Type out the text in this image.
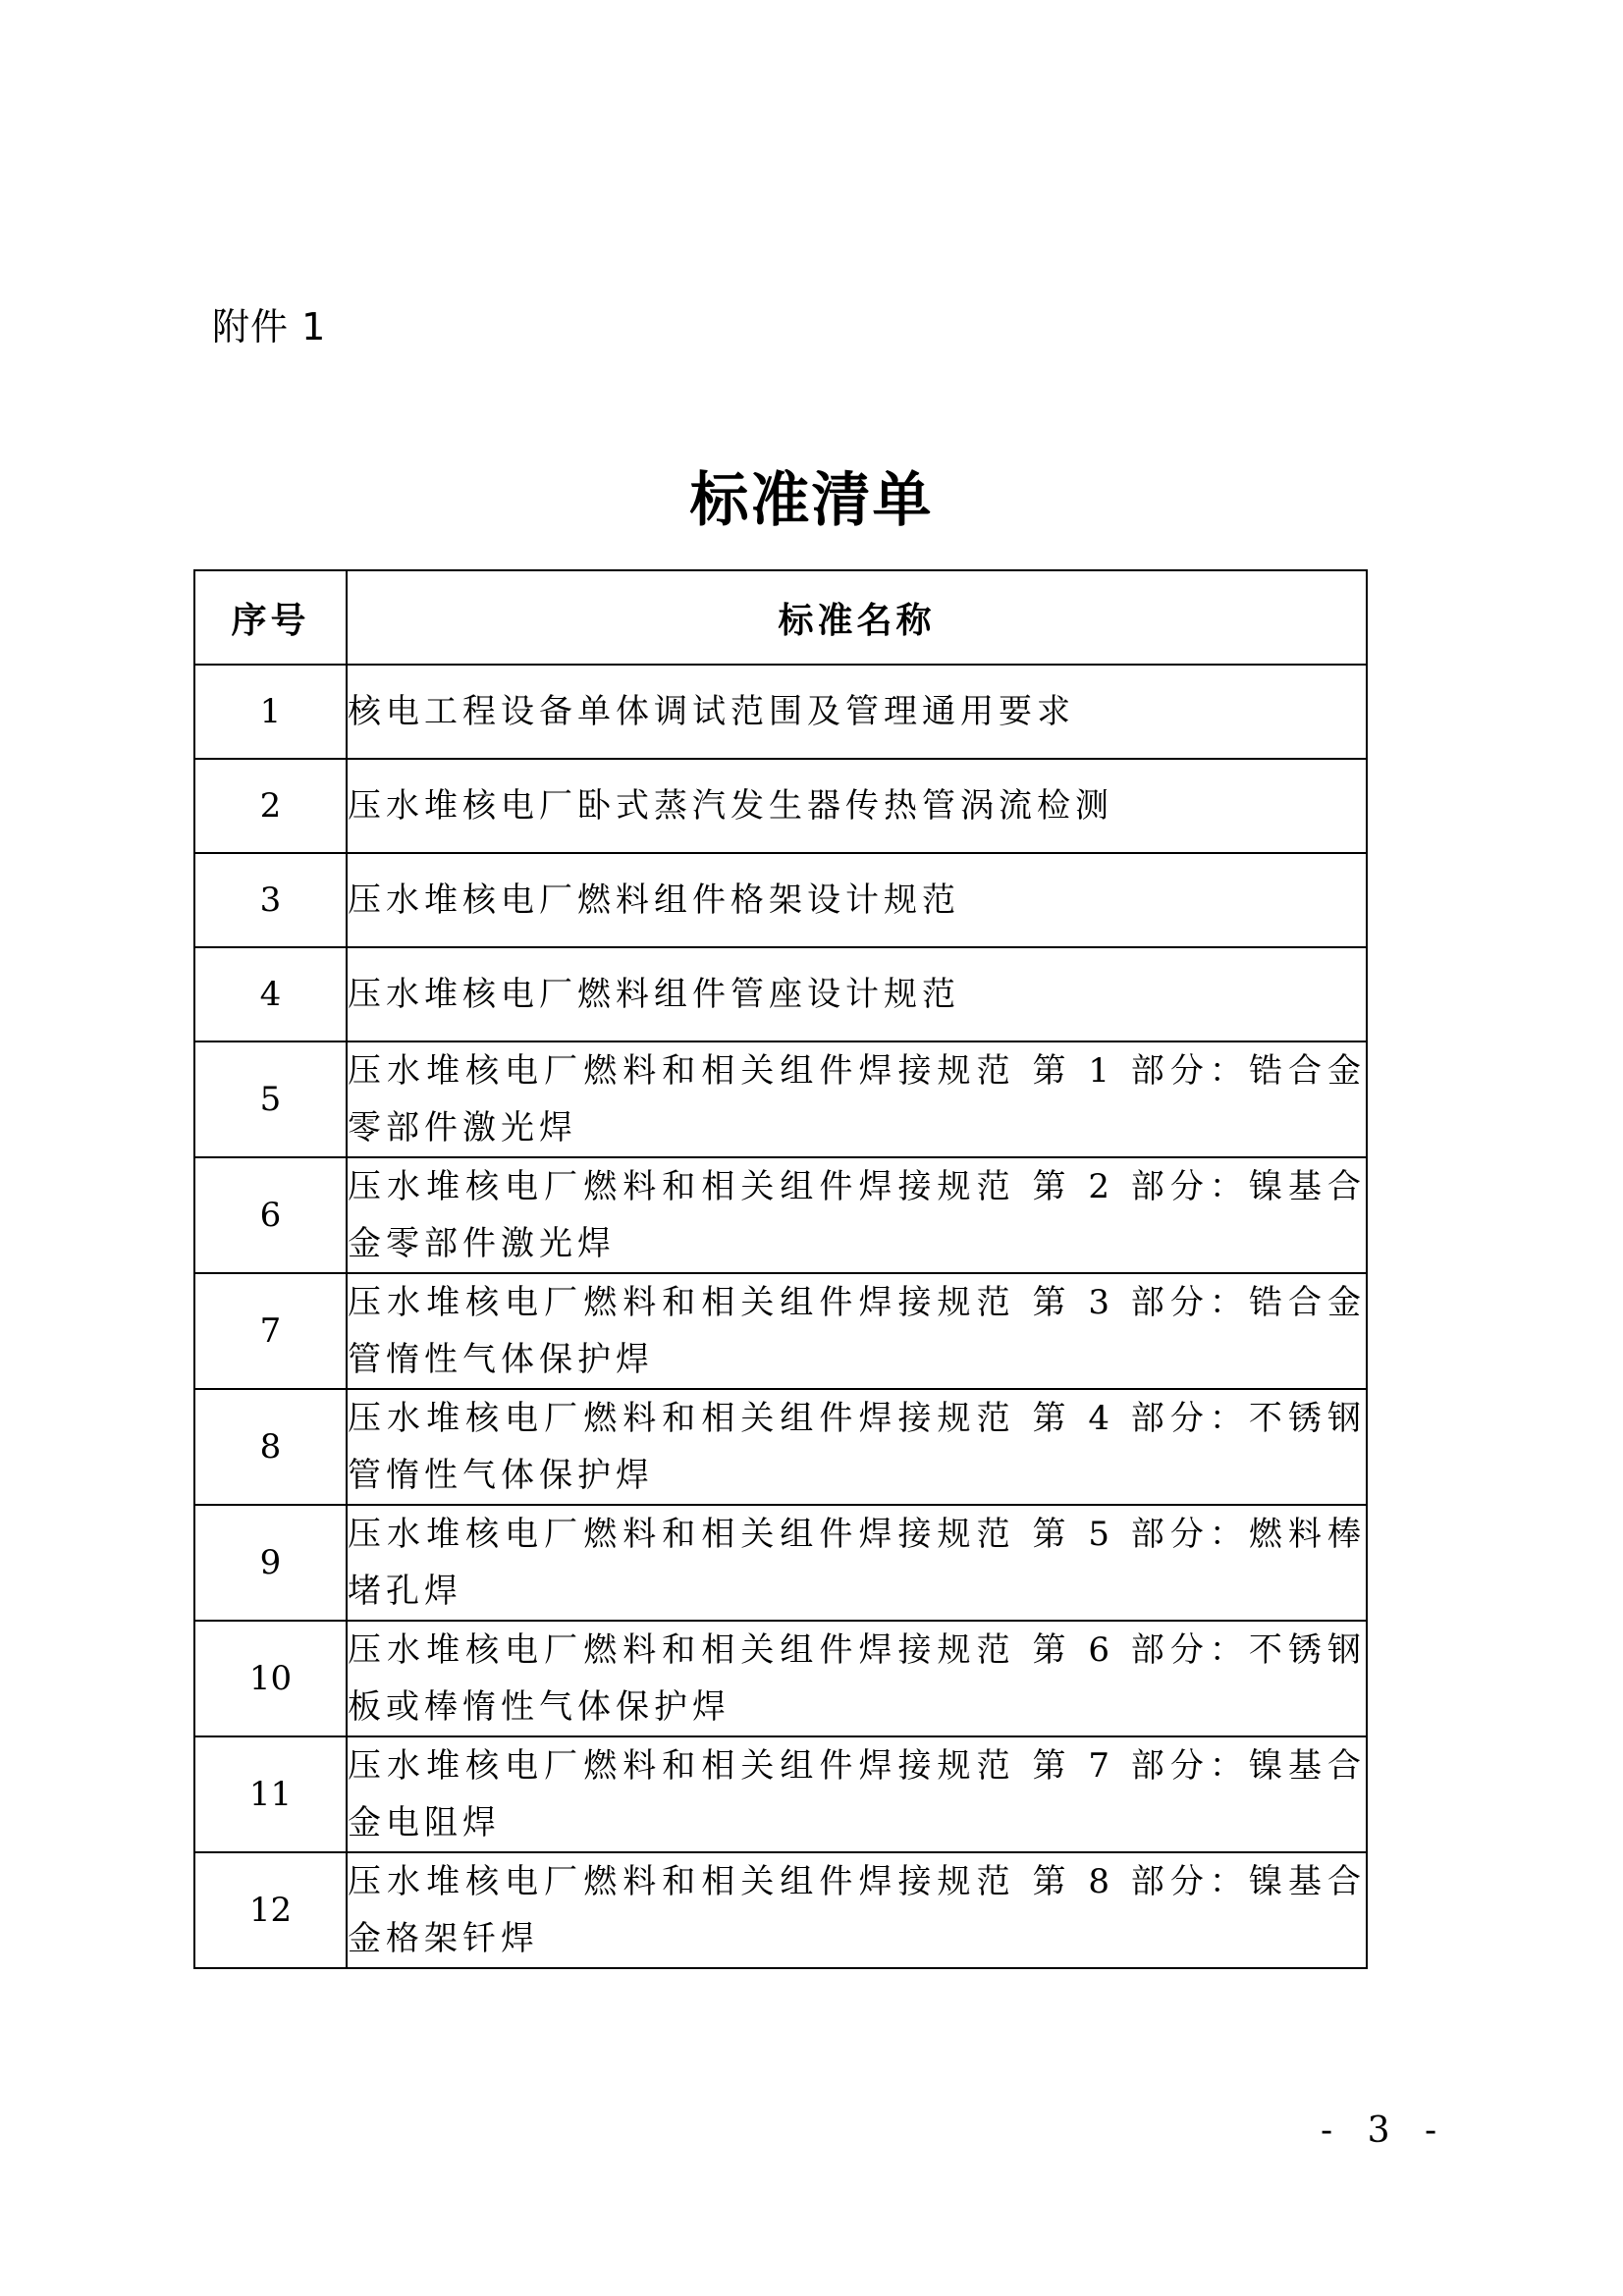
附件 1
标准清单
序号	标准名称
1	核电工程设备单体调试范围及管理通用要求
2	压水堆核电厂卧式蒸汽发生器传热管涡流检测
3	压水堆核电厂燃料组件格架设计规范
4	压水堆核电厂燃料组件管座设计规范
5	压水堆核电厂燃料和相关组件焊接规范 第 1 部分：锆合金零部件激光焊
6	压水堆核电厂燃料和相关组件焊接规范 第 2 部分：镍基合金零部件激光焊
7	压水堆核电厂燃料和相关组件焊接规范 第 3 部分：锆合金管惰性气体保护焊
8	压水堆核电厂燃料和相关组件焊接规范 第 4 部分：不锈钢管惰性气体保护焊
9	压水堆核电厂燃料和相关组件焊接规范 第 5 部分：燃料棒堵孔焊
10	压水堆核电厂燃料和相关组件焊接规范 第 6 部分：不锈钢板或棒惰性气体保护焊
11	压水堆核电厂燃料和相关组件焊接规范 第 7 部分：镍基合金电阻焊
12	压水堆核电厂燃料和相关组件焊接规范 第 8 部分：镍基合金格架钎焊
- 3 -
